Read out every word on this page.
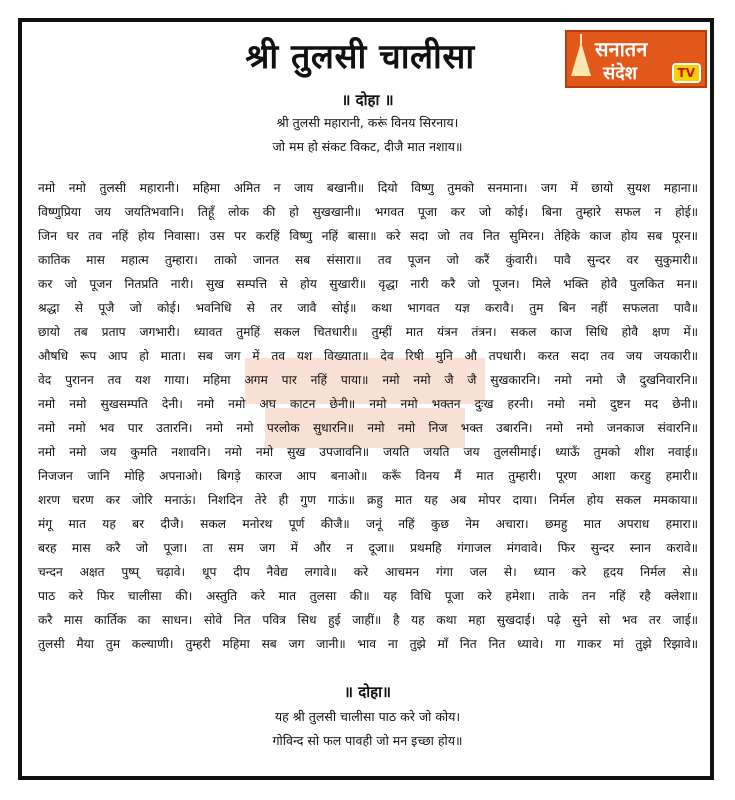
श्री तुलसी चालीसा	सनातन
संदेश	TV
॥ दोहा ॥
श्री तुलसी महारानी, करूं विनय सिरनाय।
जो मम हो संकट विकट, दीजै मात नशाय॥
नमो नमो तुलसी महारानी। महिमा अमित न जाय बखानी॥ दियो विष्णु तुमको सनमाना। जग में छायो सुयश महाना॥
विष्णुप्रिया जय जयतिभवानि। तिहूँ लोक की हो सुखखानी॥ भगवत पूजा कर जो कोई। बिना तुम्हारे सफल न होई॥
जिन घर तव नहिं होय निवासा। उस पर करहिं विष्णु नहिं बासा॥ करे सदा जो तव नित सुमिरन। तेहिके काज होय सब पूरन॥
कातिक मास महात्म तुम्हारा। ताको जानत सब संसारा॥ तव पूजन जो करैं कुंवारी। पावै सुन्दर वर सुकुमारी॥
कर जो पूजन नितप्रति नारी। सुख सम्पत्ति से होय सुखारी॥ वृद्धा नारी करै जो पूजन। मिले भक्ति होवै पुलकित मन॥
श्रद्धा से पूजै जो कोई। भवनिधि से तर जावै सोई॥ कथा भागवत यज्ञ करावै। तुम बिन नहीं सफलता पावै॥
छायो तब प्रताप जगभारी। ध्यावत तुमहिं सकल चितधारी॥ तुम्हीं मात यंत्रन तंत्रन। सकल काज सिधि होवै क्षण में॥
औषधि रूप आप हो माता। सब जग में तव यश विख्याता॥ देव रिषी मुनि औ तपधारी। करत सदा तव जय जयकारी॥
वेद पुरानन तव यश गाया। महिमा अगम पार नहिं पाया॥ नमो नमो जै जै सुखकारनि। नमो नमो जै दुखनिवारनि॥
नमो नमो सुखसम्पति देनी। नमो नमो अघ काटन छेनी॥ नमो नमो भक्तन दुःख हरनी। नमो नमो दुष्टन मद छेनी॥
नमो नमो भव पार उतारनि। नमो नमो परलोक सुधारनि॥ नमो नमो निज भक्त उबारनि। नमो नमो जनकाज संवारनि॥
नमो नमो जय कुमति नशावनि। नमो नमो सुख उपजावनि॥ जयति जयति जय तुलसीमाई। ध्याऊँ तुमको शीश नवाई॥
निजजन जानि मोहि अपनाओ। बिगड़े कारज आप बनाओ॥ करूँ विनय मैं मात तुम्हारी। पूरण आशा करहु हमारी॥
शरण चरण कर जोरि मनाऊं। निशदिन तेरे ही गुण गाऊं॥ क्रहु मात यह अब मोपर दाया। निर्मल होय सकल ममकाया॥
मंगू मात यह बर दीजै। सकल मनोरथ पूर्ण कीजै॥ जनूं नहिं कुछ नेम अचारा। छमहु मात अपराध हमारा॥
बरह मास करै जो पूजा। ता सम जग में और न दूजा॥ प्रथमहि गंगाजल मंगवावे। फिर सुन्दर स्नान करावे॥
चन्दन अक्षत पुष्प् चढ़ावे। धूप दीप नैवेद्य लगावे॥ करे आचमन गंगा जल से। ध्यान करे हृदय निर्मल से॥
पाठ करे फिर चालीसा की। अस्तुति करे मात तुलसा की॥ यह विधि पूजा करे हमेशा। ताके तन नहिं रहै क्लेशा॥
करै मास कार्तिक का साधन। सोवे नित पवित्र सिध हुई जाहीं॥ है यह कथा महा सुखदाई। पढ़े सुने सो भव तर जाई॥
तुलसी मैया तुम कल्याणी। तुम्हरी महिमा सब जग जानी॥ भाव ना तुझे माँ नित नित ध्यावे। गा गाकर मां तुझे रिझावे॥
॥ दोहा॥
यह श्री तुलसी चालीसा पाठ करे जो कोय।
गोविन्द सो फल पावही जो मन इच्छा होय॥
